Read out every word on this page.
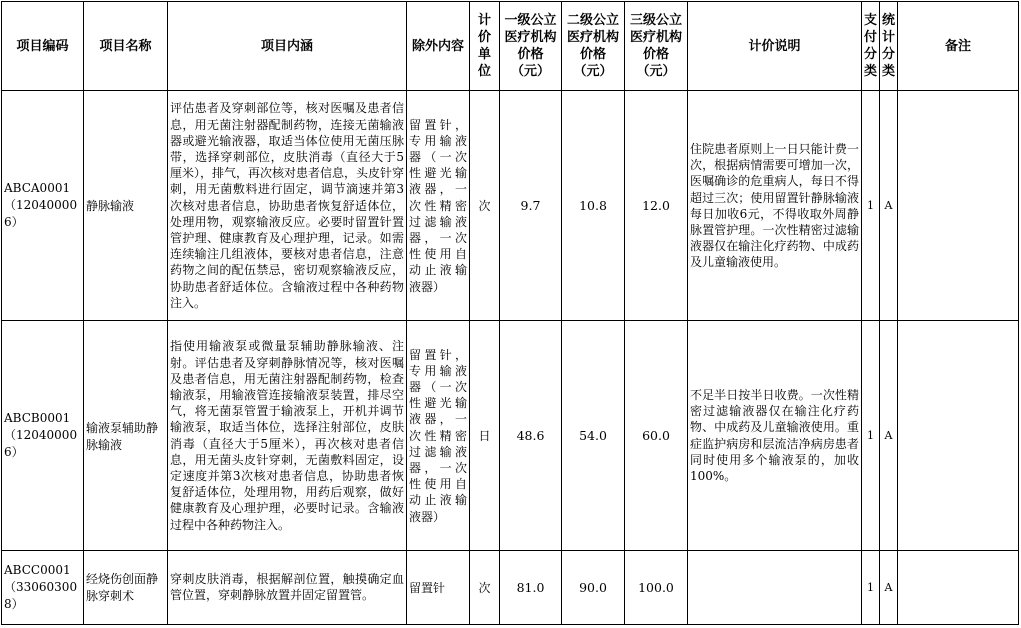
项目编码	项目名称	项目内涵	除外内容	计价单位	一级公立医疗机构价格（元）	二级公立医疗机构价格（元）	三级公立医疗机构价格（元）	计价说明	支付分类	统计分类	备注
ABCA0001（120400006）	静脉输液	评估患者及穿刺部位等，核对医嘱及患者信息，用无菌注射器配制药物，连接无菌输液器或避光输液器，取适当体位使用无菌压脉带，选择穿刺部位，皮肤消毒（直径大于5厘米），排气，再次核对患者信息，头皮针穿刺，用无菌敷料进行固定，调节滴速并第3次核对患者信息，协助患者恢复舒适体位，处理用物，观察输液反应。必要时留置针置管护理、健康教育及心理护理，记录。如需连续输注几组液体，要核对患者信息，注意药物之间的配伍禁忌，密切观察输液反应，协助患者舒适体位。含输液过程中各种药物注入。	留置针，专用输液器（一次性避光输液器，一次性精密过滤输液器，一次性使用自动止液输液器）	次	9.7	10.8	12.0	住院患者原则上一日只能计费一次，根据病情需要可增加一次，医嘱确诊的危重病人，每日不得超过三次；使用留置针静脉输液每日加收6元，不得收取外周静脉置管护理。一次性精密过滤输液器仅在输注化疗药物、中成药及儿童输液使用。	1	A	
ABCB0001（120400006）	输液泵辅助静脉输液	指使用输液泵或微量泵辅助静脉输液、注射。评估患者及穿刺静脉情况等，核对医嘱及患者信息，用无菌注射器配制药物，检查输液泵，用输液管连接输液泵装置，排尽空气，将无菌泵管置于输液泵上，开机并调节输液泵，取适当体位，选择注射部位，皮肤消毒（直径大于5厘米），再次核对患者信息，用无菌头皮针穿刺，无菌敷料固定，设定速度并第3次核对患者信息，协助患者恢复舒适体位，处理用物，用药后观察，做好健康教育及心理护理，必要时记录。含输液过程中各种药物注入。	留置针，专用输液器（一次性避光输液器，一次性精密过滤输液器，一次性使用自动止液输液器）	日	48.6	54.0	60.0	不足半日按半日收费。一次性精密过滤输液器仅在输注化疗药物、中成药及儿童输液使用。重症监护病房和层流洁净病房患者同时使用多个输液泵的，加收100%。	1	A	
ABCC0001（330603008）	经烧伤创面静脉穿刺术	穿刺皮肤消毒，根据解剖位置，触摸确定血管位置，穿刺静脉放置并固定留置管。	留置针	次	81.0	90.0	100.0		1	A	
